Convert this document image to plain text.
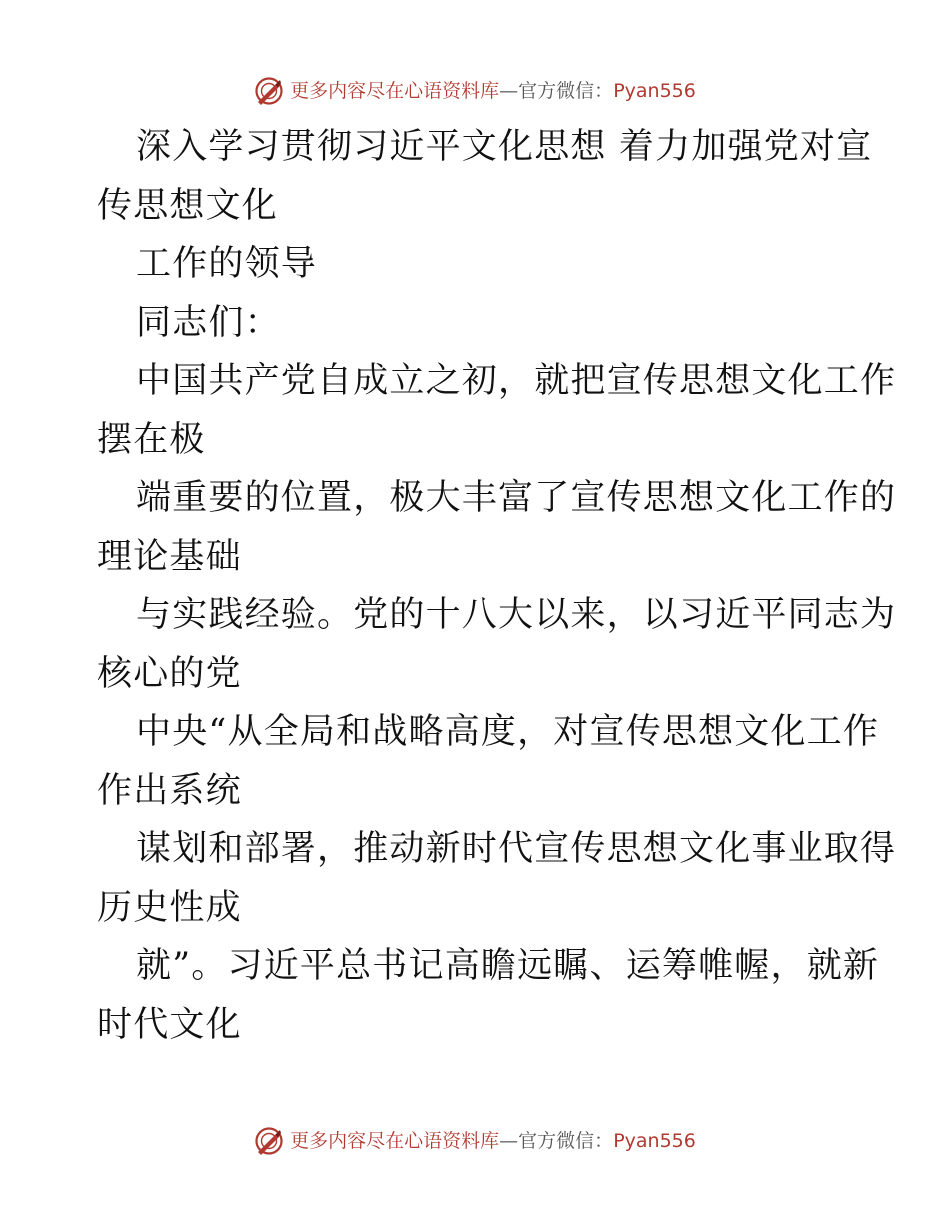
更多内容尽在心语资料库 — 官方微信： Pyan556
深入学习贯彻习近平文化思想 着力加强党对宣
传思想文化
工作的领导
同志们：
中国共产党自成立之初，就把宣传思想文化工作
摆在极
端重要的位置，极大丰富了宣传思想文化工作的
理论基础
与实践经验。党的十八大以来，以习近平同志为
核心的党
中央“从全局和战略高度，对宣传思想文化工作
作出系统
谋划和部署，推动新时代宣传思想文化事业取得
历史性成
就”。习近平总书记高瞻远瞩、运筹帷幄，就新
时代文化
更多内容尽在心语资料库 — 官方微信： Pyan556
